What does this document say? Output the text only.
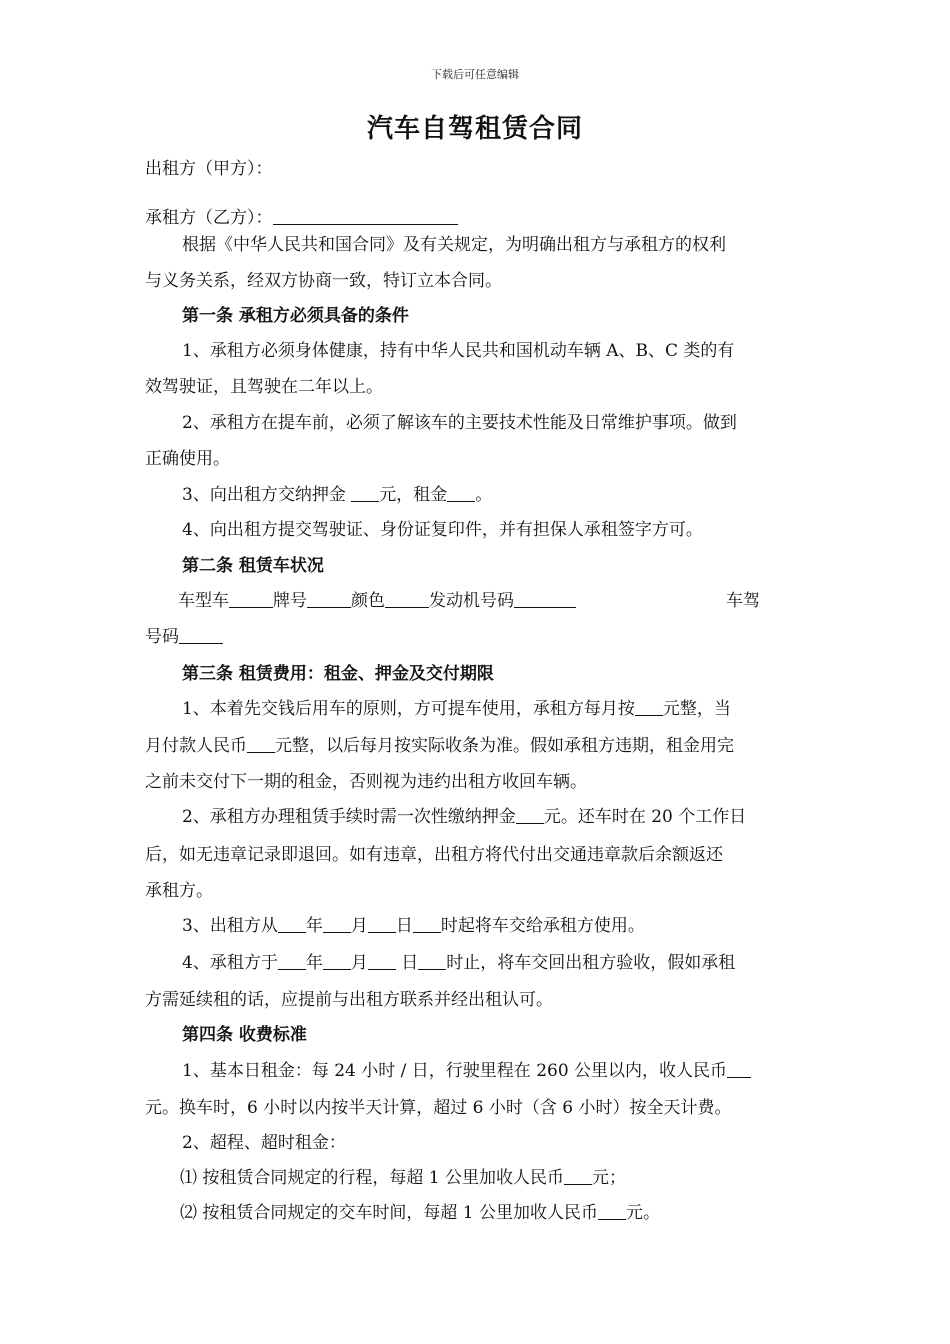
下载后可任意编辑
汽车自驾租赁合同
出租方（甲方）：
承租方（乙方）：
根据《中华人民共和国合同》及有关规定，为明确出租方与承租方的权利
与义务关系，经双方协商一致，特订立本合同。
第一条 承租方必须具备的条件
1、承租方必须身体健康，持有中华人民共和国机动车辆 A、B、C 类的有
效驾驶证，且驾驶在二年以上。
2、承租方在提车前，必须了解该车的主要技术性能及日常维护事项。做到
正确使用。
3、向出租方交纳押金 元，租金 。
4、向出租方提交驾驶证、身份证复印件，并有担保人承租签字方可。
第二条 租赁车状况
车型车	牌号	颜色	发动机号码	车驾
号码
第三条 租赁费用：租金、押金及交付期限
1、本着先交钱后用车的原则，方可提车使用，承租方每月按 元整，当
月付款人民币 元整，以后每月按实际收条为准。假如承租方违期，租金用完
之前未交付下一期的租金，否则视为违约出租方收回车辆。
2、承租方办理租赁手续时需一次性缴纳押金 元。还车时在 20 个工作日
后，如无违章记录即退回。如有违章，出租方将代付出交通违章款后余额返还
承租方。
3、出租方从 年 月 日 时起将车交给承租方使用。
4、承租方于 年 月 日 时止，将车交回出租方验收，假如承租
方需延续租的话，应提前与出租方联系并经出租认可。
第四条 收费标准
1、基本日租金：每 24 小时 / 日，行驶里程在 260 公里以内，收人民币
元。换车时，6 小时以内按半天计算，超过 6 小时（含 6 小时）按全天计费。
2、超程、超时租金：
⑴ 按租赁合同规定的行程，每超 1 公里加收人民币 元；
⑵ 按租赁合同规定的交车时间，每超 1 公里加收人民币 元。
